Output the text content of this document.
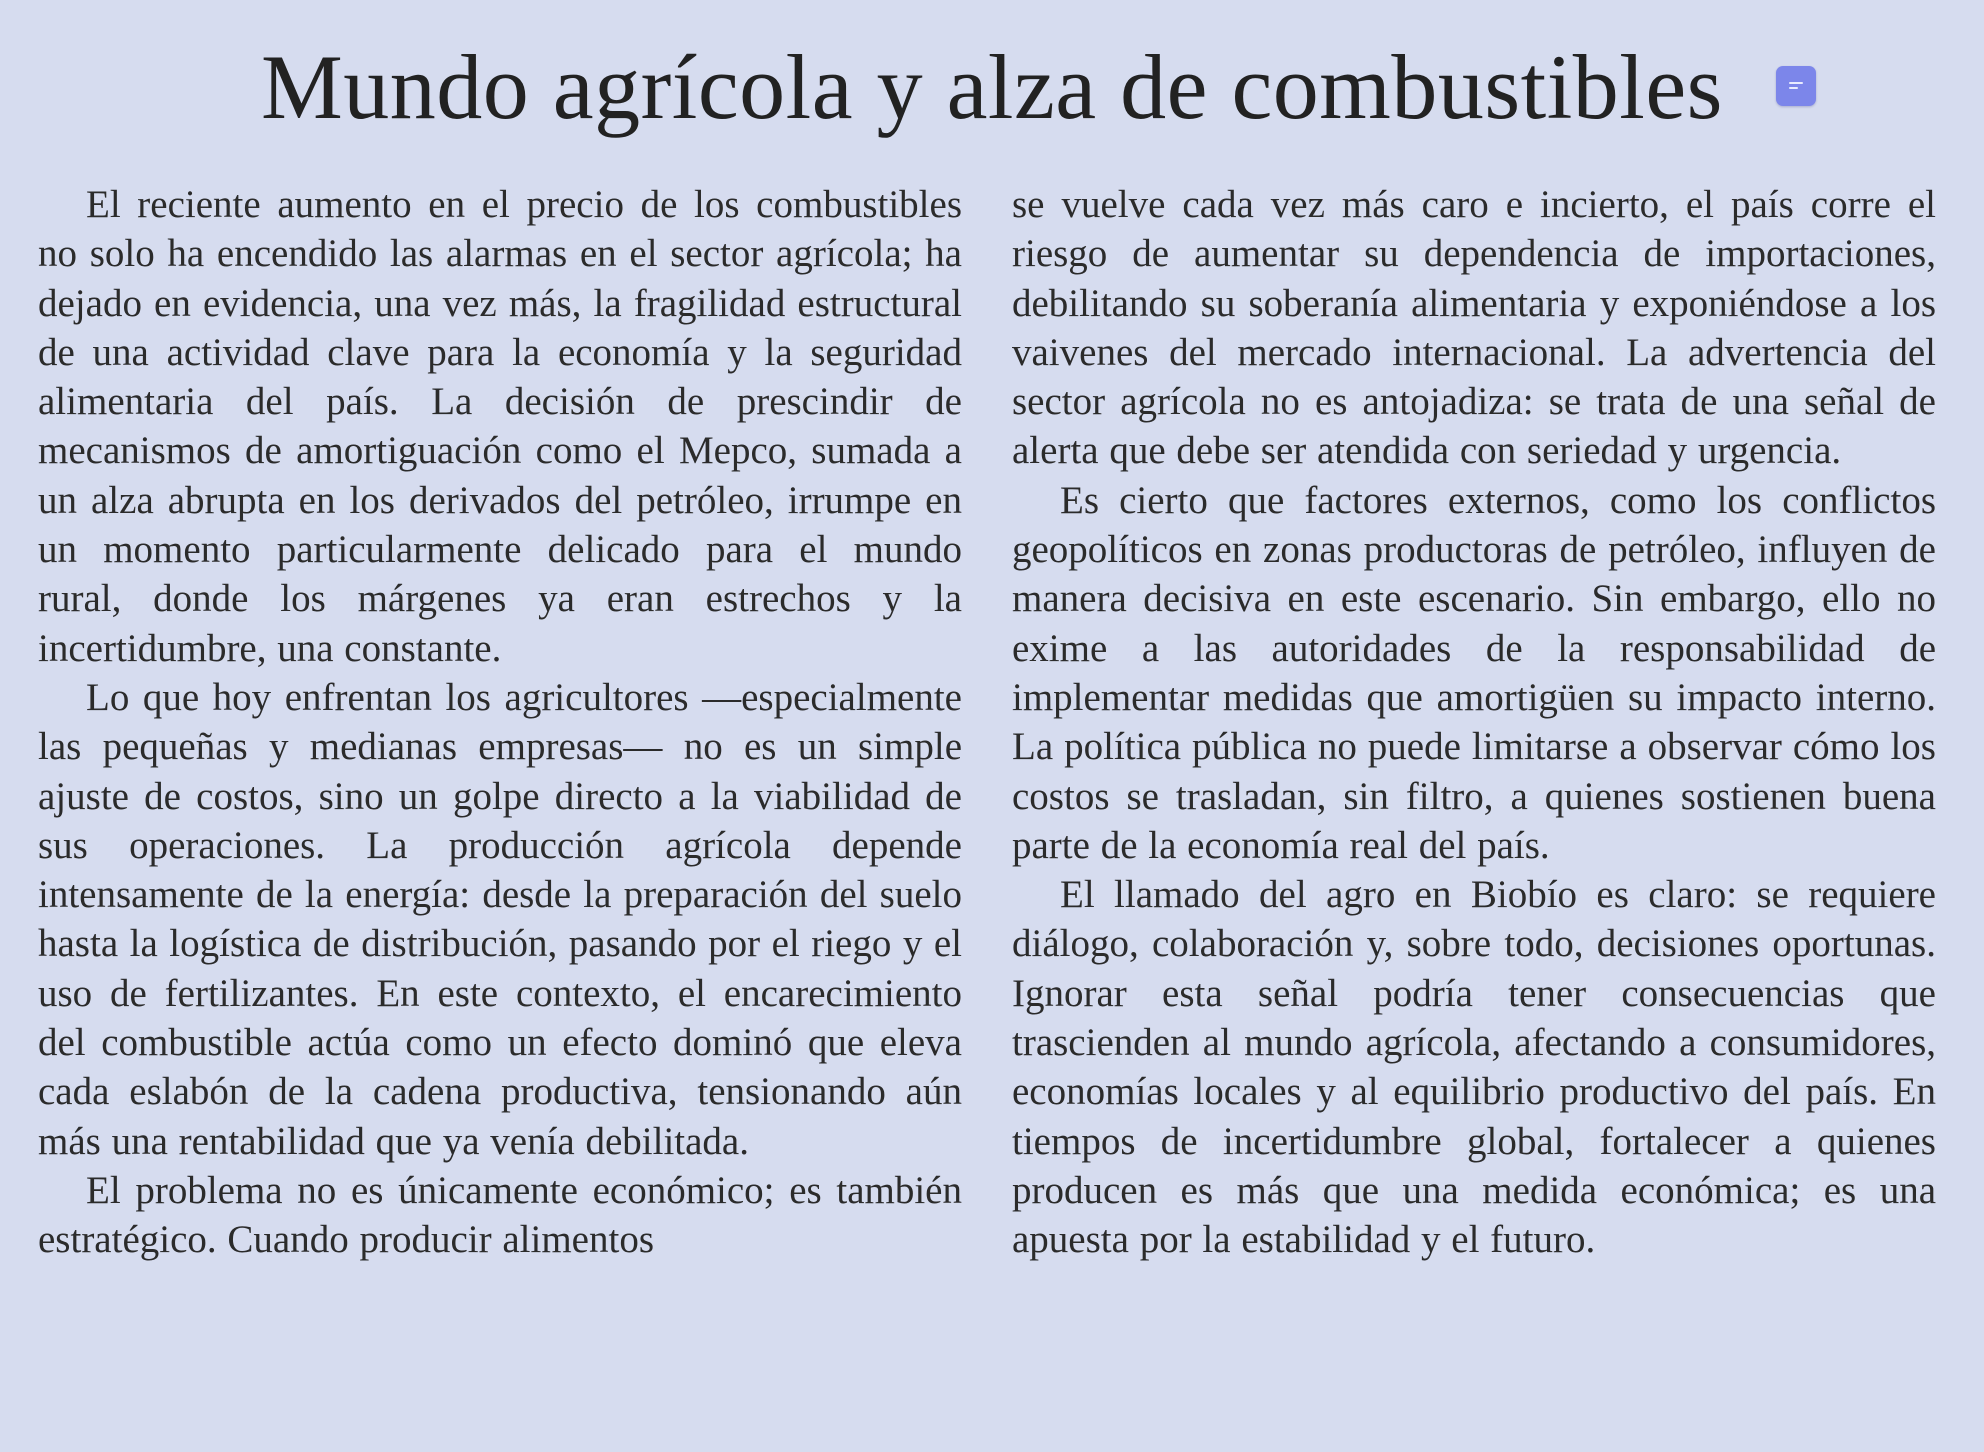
Mundo agrícola y alza de combustibles

El reciente aumento en el precio de los combustibles no solo ha encendido las alarmas en el sector agrícola; ha dejado en evidencia, una vez más, la fragilidad estructural de una actividad clave para la economía y la seguridad alimentaria del país. La decisión de prescindir de mecanismos de amortiguación como el Mepco, sumada a un alza abrupta en los derivados del petróleo, irrumpe en un momento particularmente delicado para el mundo rural, donde los márgenes ya eran estrechos y la incertidumbre, una constante.

Lo que hoy enfrentan los agricultores —especialmente las pequeñas y medianas empresas— no es un simple ajuste de costos, sino un golpe directo a la viabilidad de sus operaciones. La producción agrícola depende intensamente de la energía: desde la preparación del suelo hasta la logística de distribución, pasando por el riego y el uso de fertilizantes. En este contexto, el encarecimiento del combustible actúa como un efecto dominó que eleva cada eslabón de la cadena productiva, tensionando aún más una rentabilidad que ya venía debilitada.

El problema no es únicamente económico; es también estratégico. Cuando producir alimentos

se vuelve cada vez más caro e incierto, el país corre el riesgo de aumentar su dependencia de importaciones, debilitando su soberanía alimentaria y exponiéndose a los vaivenes del mercado internacional. La advertencia del sector agrícola no es antojadiza: se trata de una señal de alerta que debe ser atendida con seriedad y urgencia.

Es cierto que factores externos, como los conflictos geopolíticos en zonas productoras de petróleo, influyen de manera decisiva en este escenario. Sin embargo, ello no exime a las autoridades de la responsabilidad de implementar medidas que amortigüen su impacto interno. La política pública no puede limitarse a observar cómo los costos se trasladan, sin filtro, a quienes sostienen buena parte de la economía real del país.

El llamado del agro en Biobío es claro: se requiere diálogo, colaboración y, sobre todo, decisiones oportunas. Ignorar esta señal podría tener consecuencias que trascienden al mundo agrícola, afectando a consumidores, economías locales y al equilibrio productivo del país. En tiempos de incertidumbre global, fortalecer a quienes producen es más que una medida económica; es una apuesta por la estabilidad y el futuro.
